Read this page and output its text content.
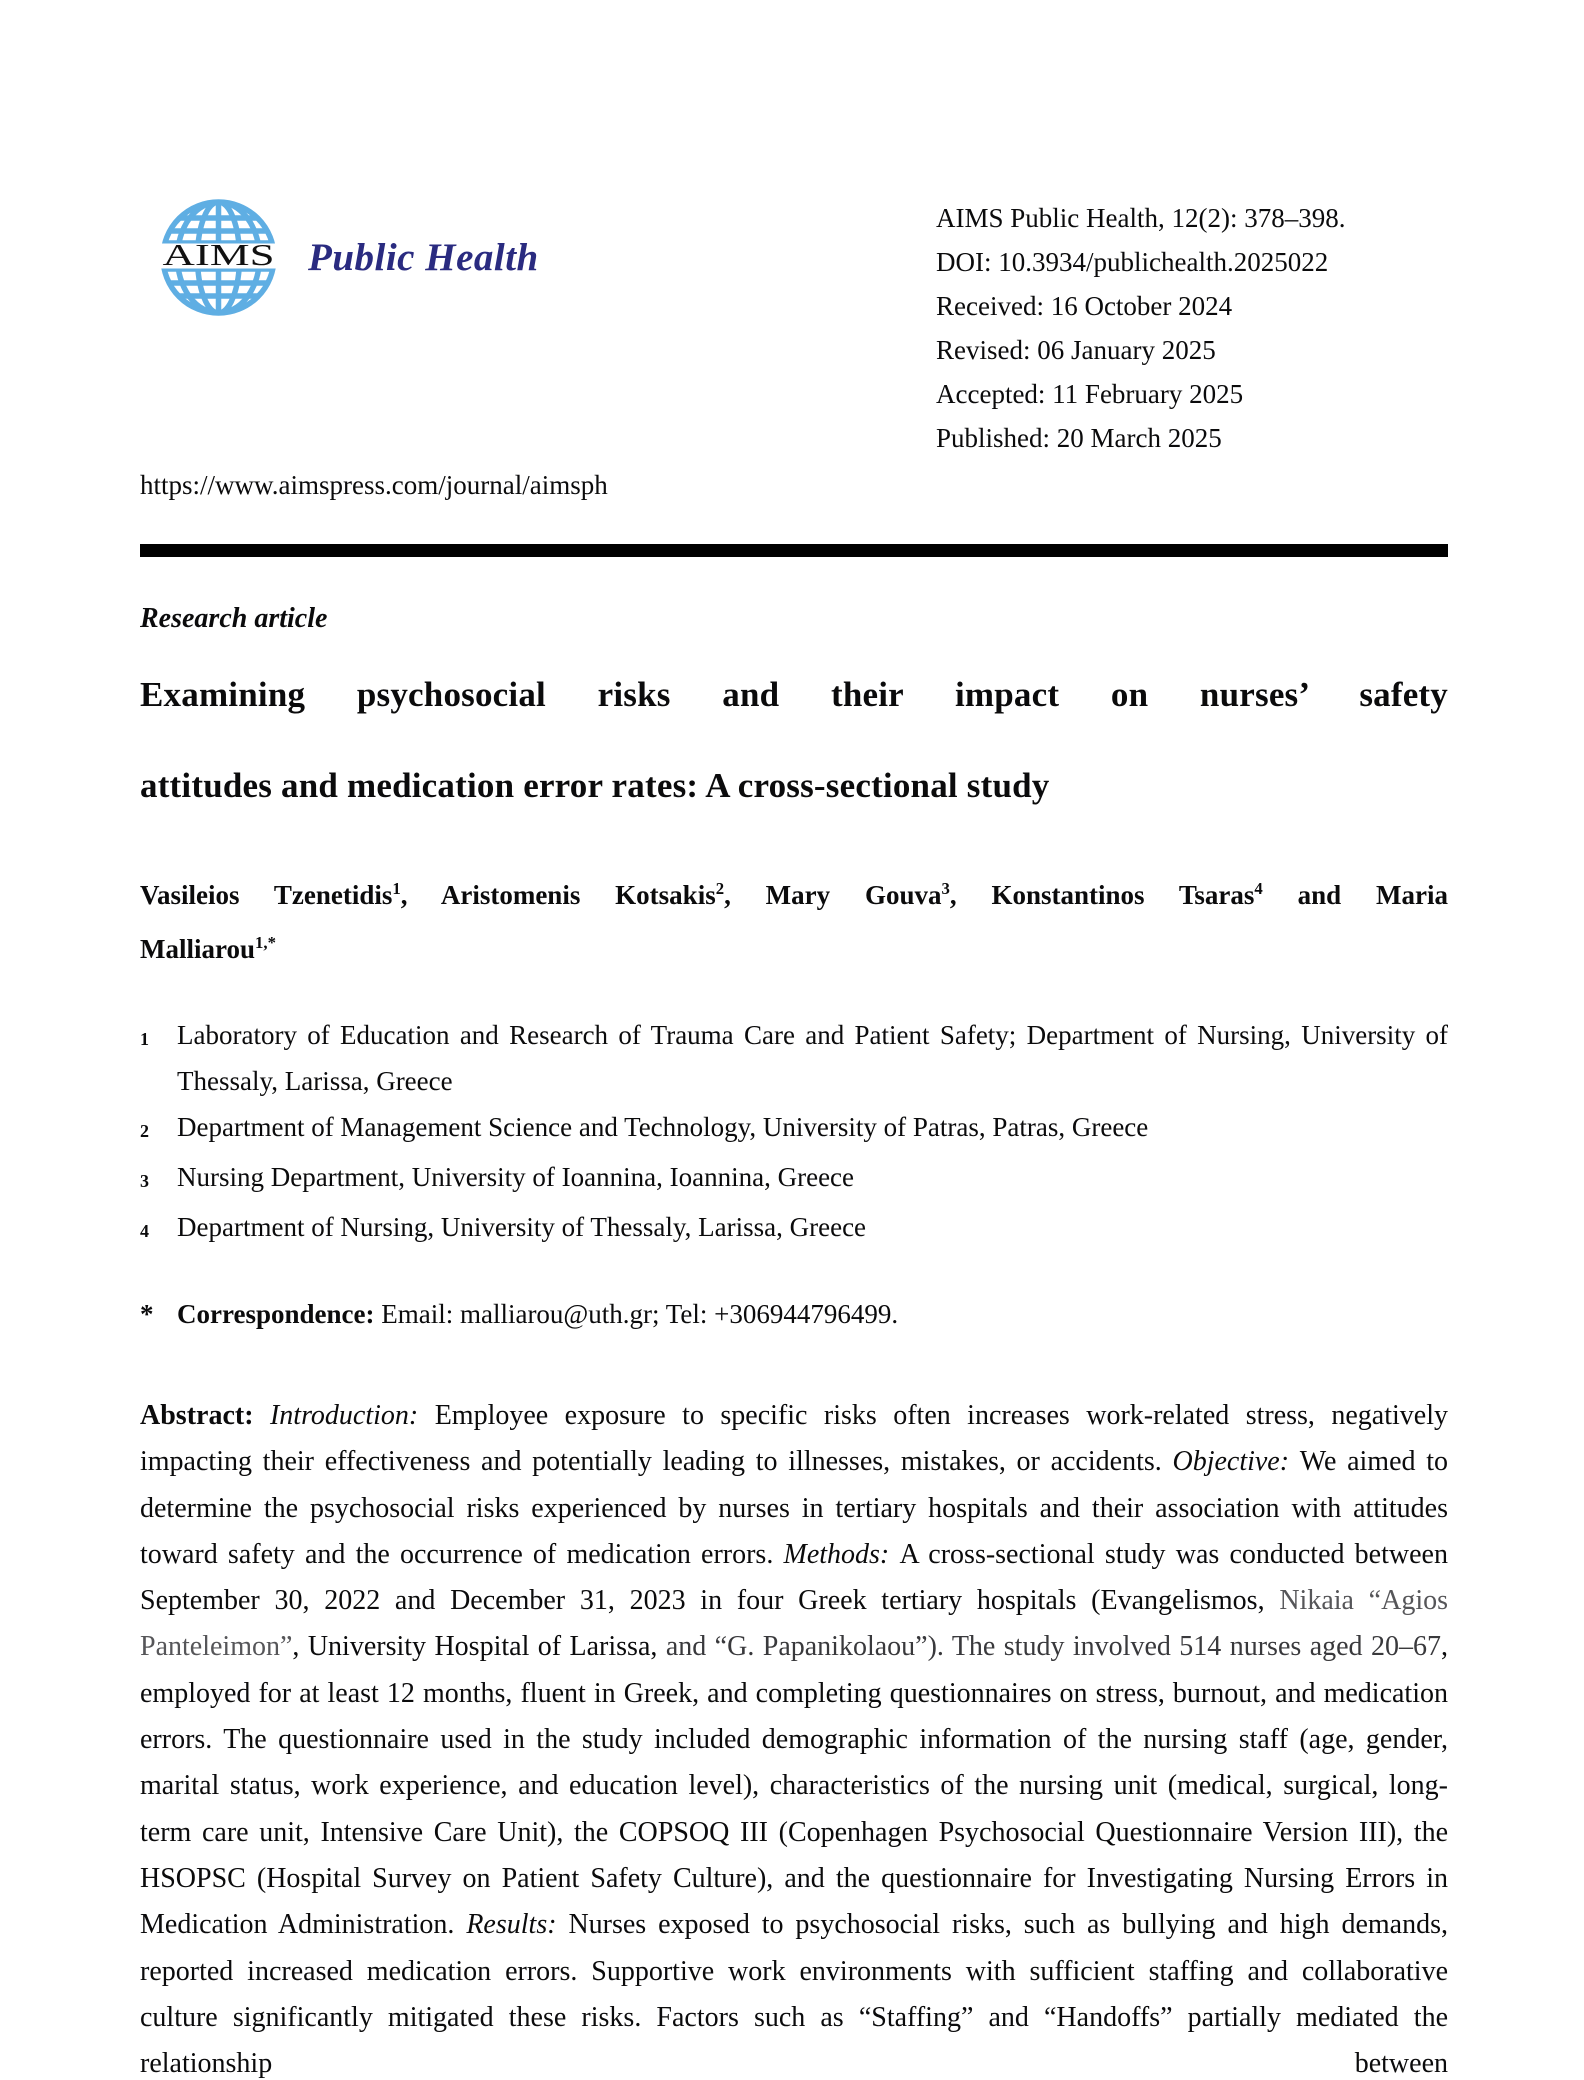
AIMS Public Health
AIMS Public Health, 12(2): 378–398.
DOI: 10.3934/publichealth.2025022
Received: 16 October 2024
Revised: 06 January 2025
Accepted: 11 February 2025
Published: 20 March 2025
https://www.aimspress.com/journal/aimsph
Research article
Examining psychosocial risks and their impact on nurses’ safety
attitudes and medication error rates: A cross-sectional study
Vasileios Tzenetidis$^1$, Aristomenis Kotsakis$^2$, Mary Gouva$^3$, Konstantinos Tsaras$^4$ and Maria
Malliarou$^{1,*}$
1	Laboratory of Education and Research of Trauma Care and Patient Safety; Department of Nursing, University of Thessaly, Larissa, Greece
2	Department of Management Science and Technology, University of Patras, Patras, Greece
3	Nursing Department, University of Ioannina, Ioannina, Greece
4	Department of Nursing, University of Thessaly, Larissa, Greece
* Correspondence: Email: malliarou@uth.gr; Tel: +306944796499.

Abstract: Introduction: Employee exposure to specific risks often increases work-related stress, negatively impacting their effectiveness and potentially leading to illnesses, mistakes, or accidents. Objective: We aimed to determine the psychosocial risks experienced by nurses in tertiary hospitals and their association with attitudes toward safety and the occurrence of medication errors. Methods: A cross-sectional study was conducted between September 30, 2022 and December 31, 2023 in four Greek tertiary hospitals (Evangelismos, Nikaia “Agios Panteleimon”, University Hospital of Larissa, and “G. Papanikolaou”). The study involved 514 nurses aged 20–67, employed for at least 12 months, fluent in Greek, and completing questionnaires on stress, burnout, and medication errors. The questionnaire used in the study included demographic information of the nursing staff (age, gender, marital status, work experience, and education level), characteristics of the nursing unit (medical, surgical, long-term care unit, Intensive Care Unit), the COPSOQ III (Copenhagen Psychosocial Questionnaire Version III), the HSOPSC (Hospital Survey on Patient Safety Culture), and the questionnaire for Investigating Nursing Errors in Medication Administration. Results: Nurses exposed to psychosocial risks, such as bullying and high demands, reported increased medication errors. Supportive work environments with sufficient staffing and collaborative culture significantly mitigated these risks. Factors such as “Staffing” and “Handoffs” partially mediated the relationship between
